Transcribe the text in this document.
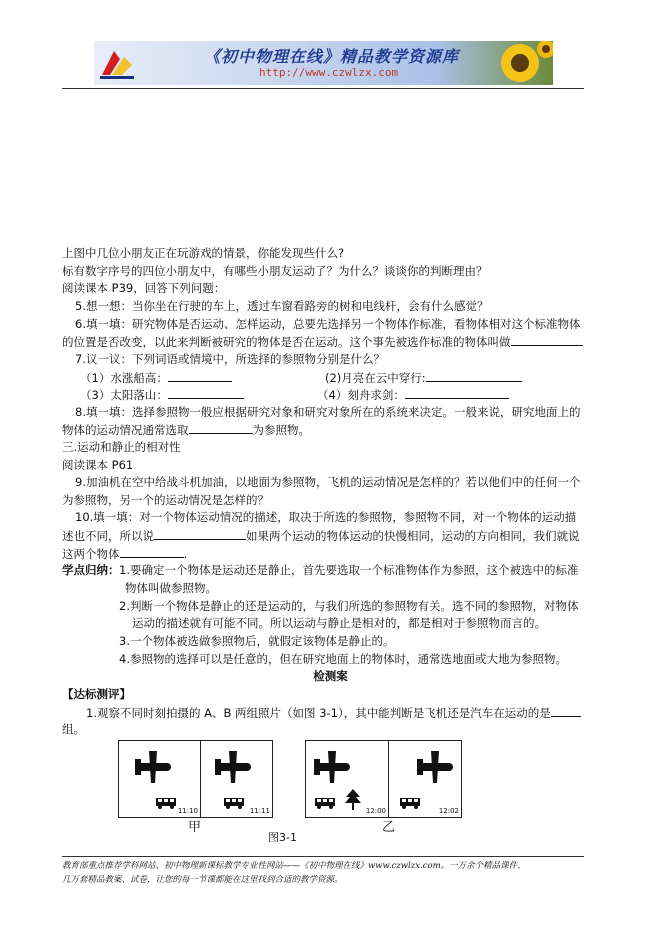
《初中物理在线》精品教学资源库
http://www.czwlzx.com
上图中几位小朋友正在玩游戏的情景，你能发现些什么?
标有数字序号的四位小朋友中，有哪些小朋友运动了？为什么？谈谈你的判断理由？
阅读课本 P39，回答下列问题：
5.想一想：当你坐在行驶的车上，透过车窗看路旁的树和电线杆，会有什么感觉？
6.填一填：研究物体是否运动、怎样运动，总要先选择另一个物体作标准，看物体相对这个标准物体
的位置是否改变，以此来判断被研究的物体是否在运动。这个事先被选作标准的物体叫做
7.议一议：下列词语或情境中，所选择的参照物分别是什么？
（1）水涨船高：	(2)月亮在云中穿行:
（3）太阳落山：	（4）刻舟求剑：
8.填一填：选择参照物一般应根据研究对象和研究对象所在的系统来决定。一般来说，研究地面上的
物体的运动情况通常选取	为参照物。
三.运动和静止的相对性
阅读课本 P61
9.加油机在空中给战斗机加油，以地面为参照物，飞机的运动情况是怎样的？若以他们中的任何一个
为参照物，另一个的运动情况是怎样的？
10.填一填：对一个物体运动情况的描述，取决于所选的参照物，参照物不同，对一个物体的运动描
述也不同，所以说	如果两个运动的物体运动的快慢相同，运动的方向相同，我们就说
这两个物体	.
学点归纳： 1.要确定一个物体是运动还是静止，首先要选取一个标准物体作为参照，这个被选中的标准
物体叫做参照物。
2.判断一个物体是静止的还是运动的，与我们所选的参照物有关。选不同的参照物，对物体
运动的描述就有可能不同。所以运动与静止是相对的，都是相对于参照物而言的。
3.一个物体被选做参照物后，就假定该物体是静止的。
4.参照物的选择可以是任意的，但在研究地面上的物体时，通常选地面或大地为参照物。
检测案
【达标测评】
1.观察不同时刻拍摄的 A、B 两组照片（如图 3-1），其中能判断是飞机还是汽车在运动的是
组。
11:10	11:11	12:00	12:02
甲	乙
图3-1
教育部重点推荐学科网站、初中物理新课标教学专业性网站——《初中物理在线》www.czwlzx.com。一万余个精品课件、
几万套精品教案、试卷，让您的每一节课都能在这里找到合适的教学资源。
